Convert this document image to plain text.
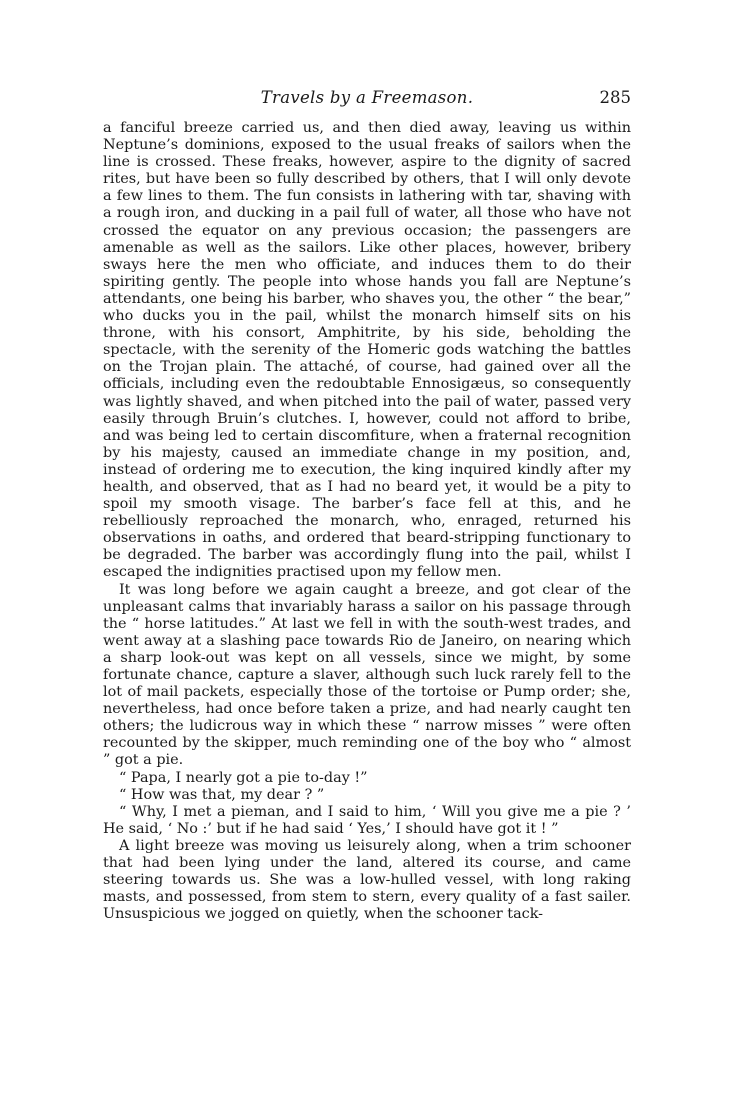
Travels by a Freemason.	285

a fanciful breeze carried us, and then died away, leaving us within Neptune’s dominions, exposed to the usual freaks of sailors when the line is crossed. These freaks, however, aspire to the dignity of sacred rites, but have been so fully described by others, that I will only devote a few lines to them. The fun consists in lathering with tar, shaving with a rough iron, and ducking in a pail full of water, all those who have not crossed the equator on any previous occasion; the passengers are amenable as well as the sailors. Like other places, however, bribery sways here the men who officiate, and induces them to do their spiriting gently. The people into whose hands you fall are Neptune’s attendants, one being his barber, who shaves you, the other “ the bear,” who ducks you in the pail, whilst the monarch himself sits on his throne, with his consort, Amphitrite, by his side, beholding the spectacle, with the serenity of the Homeric gods watching the battles on the Trojan plain. The attaché, of course, had gained over all the officials, including even the redoubtable Ennosigæus, so consequently was lightly shaved, and when pitched into the pail of water, passed very easily through Bruin’s clutches. I, however, could not afford to bribe, and was being led to certain discomfiture, when a fraternal recognition by his majesty, caused an immediate change in my position, and, instead of ordering me to execution, the king inquired kindly after my health, and observed, that as I had no beard yet, it would be a pity to spoil my smooth visage. The barber’s face fell at this, and he rebelliously reproached the monarch, who, enraged, returned his observations in oaths, and ordered that beard-stripping functionary to be degraded. The barber was accordingly flung into the pail, whilst I escaped the indignities practised upon my fellow men.

It was long before we again caught a breeze, and got clear of the unpleasant calms that invariably harass a sailor on his passage through the “ horse latitudes.” At last we fell in with the south-west trades, and went away at a slashing pace towards Rio de Janeiro, on nearing which a sharp look-out was kept on all vessels, since we might, by some fortunate chance, capture a slaver, although such luck rarely fell to the lot of mail packets, especially those of the tortoise or Pump order; she, nevertheless, had once before taken a prize, and had nearly caught ten others; the ludicrous way in which these “ narrow misses ” were often recounted by the skipper, much reminding one of the boy who “ almost ” got a pie.

“ Papa, I nearly got a pie to-day !”

“ How was that, my dear ? ”

“ Why, I met a pieman, and I said to him, ‘ Will you give me a pie ? ’ He said, ‘ No :’ but if he had said ‘ Yes,’ I should have got it ! ”

A light breeze was moving us leisurely along, when a trim schooner that had been lying under the land, altered its course, and came steering towards us. She was a low-hulled vessel, with long raking masts, and possessed, from stem to stern, every quality of a fast sailer. Unsuspicious we jogged on quietly, when the schooner tack-
